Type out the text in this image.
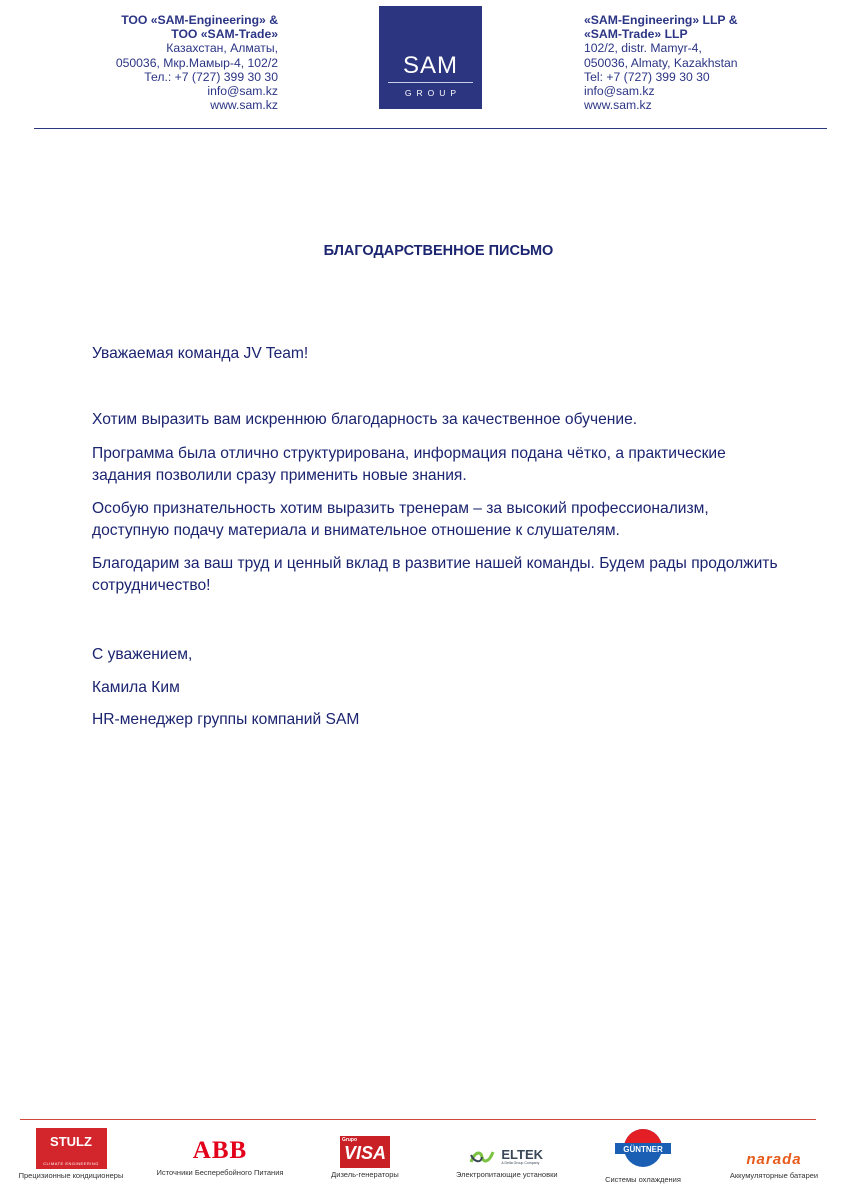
ТОО «SAM-Engineering» &
ТОО «SAM-Trade»
Казахстан, Алматы,
050036, Мкр.Мамыр-4, 102/2
Тел.: +7 (727) 399 30 30
info@sam.kz
www.sam.kz
SAM
GROUP
«SAM-Engineering» LLP &
«SAM-Trade» LLP
102/2, distr. Mamyr-4,
050036, Almaty, Kazakhstan
Tel: +7 (727) 399 30 30
info@sam.kz
www.sam.kz
БЛАГОДАРСТВЕННОЕ ПИСЬМО

Уважаемая команда JV Team!

Хотим выразить вам искреннюю благодарность за качественное обучение.

Программа была отлично структурирована, информация подана чётко, а практические задания позволили сразу применить новые знания.

Особую признательность хотим выразить тренерам – за высокий профессионализм, доступную подачу материала и внимательное отношение к слушателям.

Благодарим за ваш труд и ценный вклад в развитие нашей команды. Будем рады продолжить сотрудничество!

С уважением,

Камила Ким

HR-менеджер группы компаний SAM

STULZ
CLIMATE ENGINEERING
Прецизионные кондиционеры
ABB
Источники Бесперебойного Питания
Grupo
VISA
Дизель-генераторы
ELTEK
A Delta Group Company
Электропитающие установки
GÜNTNER
Системы охлаждения
narada
Аккумуляторные батареи
